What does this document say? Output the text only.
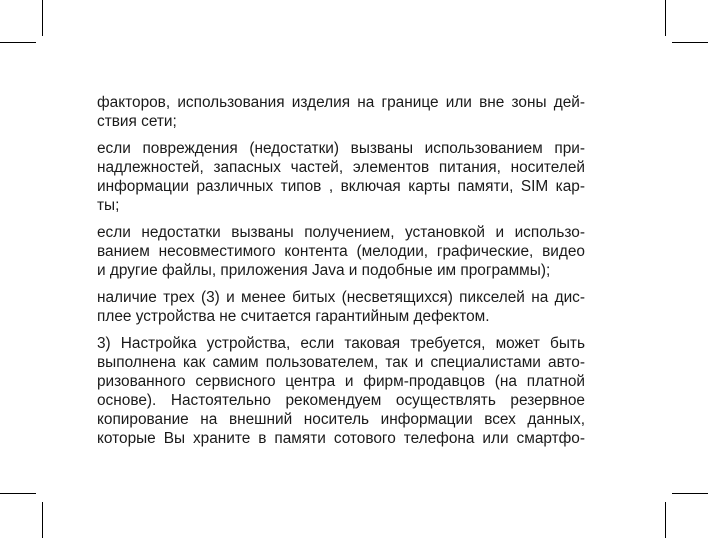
факторов, использования изделия на границе или вне зоны дей-
ствия сети;

если повреждения (недостатки) вызваны использованием при-
надлежностей, запасных частей, элементов питания, носителей
информации различных типов , включая карты памяти, SIM кар-
ты;

если недостатки вызваны получением, установкой и использо-
ванием несовместимого контента (мелодии, графические, видео
и другие файлы, приложения Java и подобные им программы);

наличие трех (3) и менее битых (несветящихся) пикселей на дис-
плее устройства не считается гарантийным дефектом.

3) Настройка устройства, если таковая требуется, может быть
выполнена как самим пользователем, так и специалистами авто-
ризованного сервисного центра и фирм-продавцов (на платной
основе). Настоятельно рекомендуем осуществлять резервное
копирование на внешний носитель информации всех данных,
которые Вы храните в памяти сотового телефона или смартфо-
